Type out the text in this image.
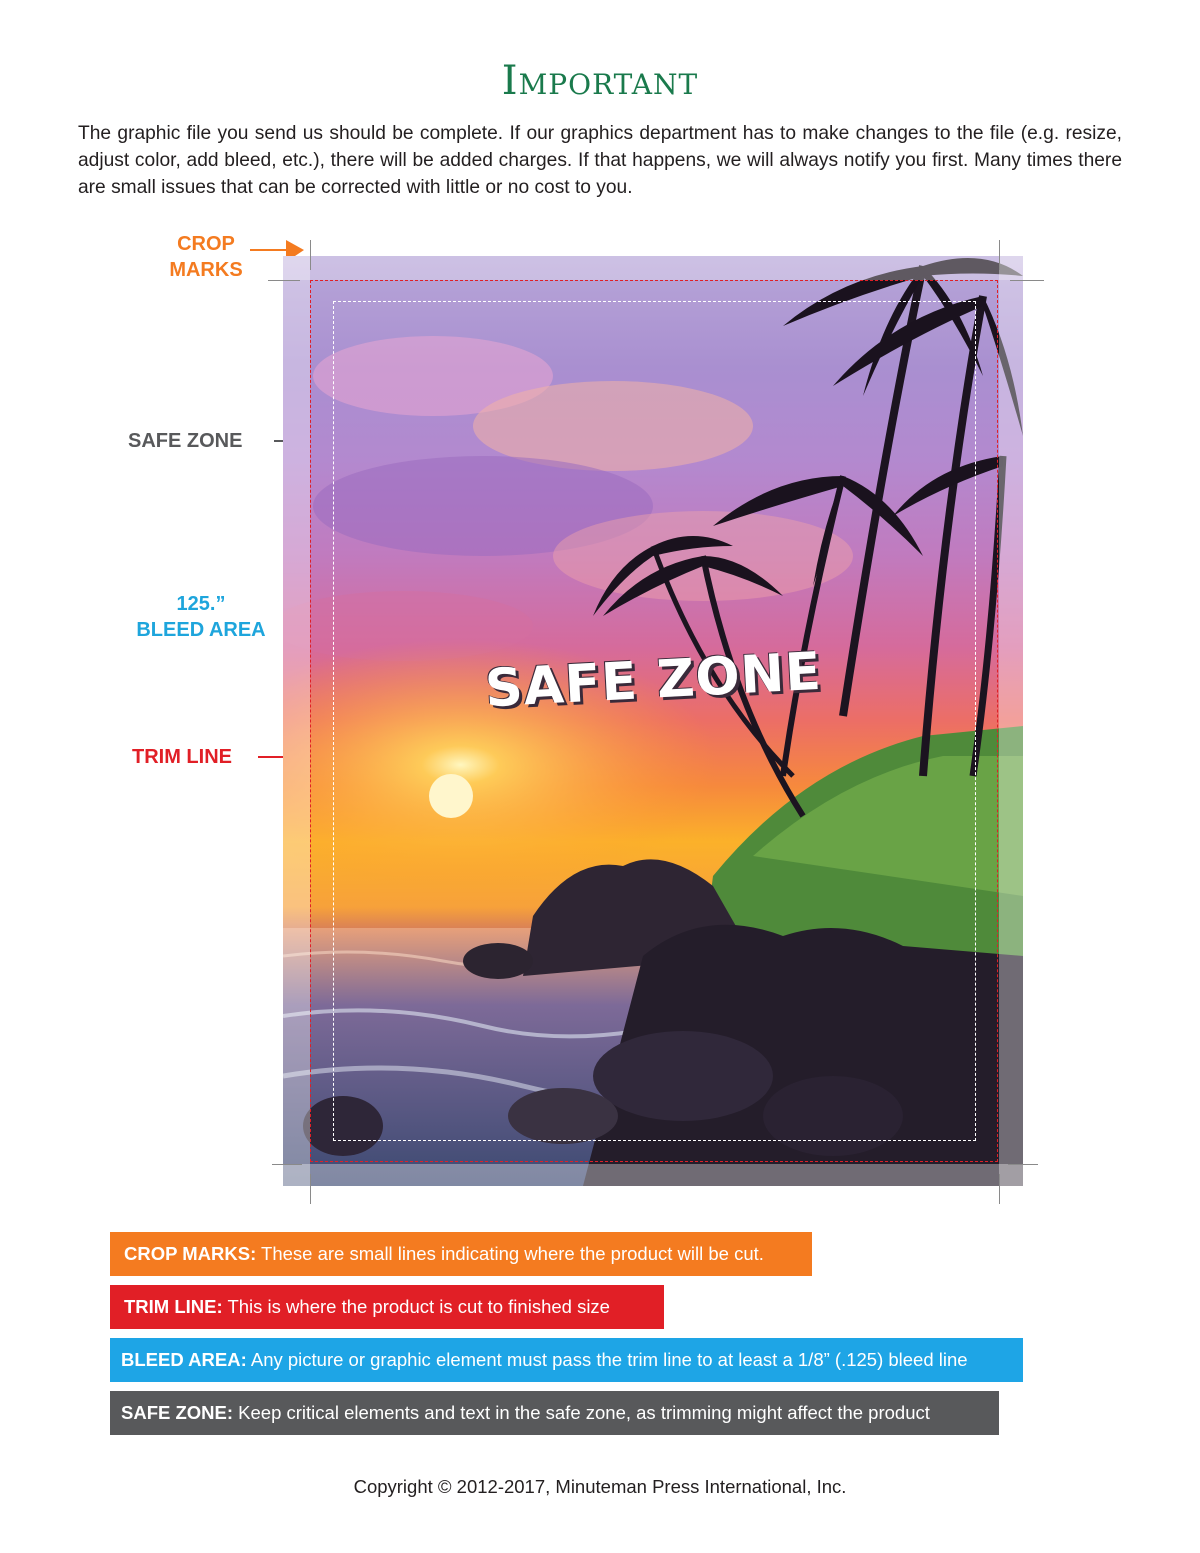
Important
The graphic file you send us should be complete. If our graphics department has to make changes to the file (e.g. resize, adjust color, add bleed, etc.), there will be added charges. If that happens, we will always notify you first. Many times there are small issues that can be corrected with little or no cost to you.
CROP
MARKS
SAFE ZONE
125.”
BLEED AREA
TRIM LINE
SAFE ZONE
CROP MARKS: These are small lines indicating where the product will be cut.
TRIM LINE: This is where the product is cut to finished size
BLEED AREA: Any picture or graphic element must pass the trim line to at least a 1/8” (.125) bleed line
SAFE ZONE: Keep critical elements and text in the safe zone, as trimming might affect the product
Copyright © 2012-2017, Minuteman Press International, Inc.
